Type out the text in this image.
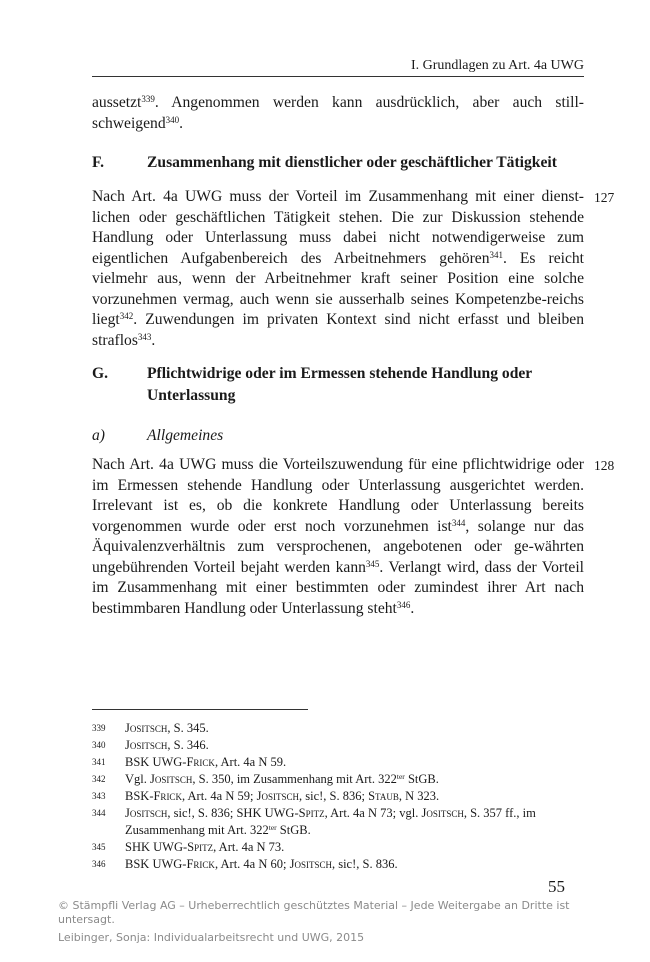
I. Grundlagen zu Art. 4a UWG
aussetzt$^{339}$. Angenommen werden kann ausdrücklich, aber auch still-schweigend$^{340}$.
F.	Zusammenhang mit dienstlicher oder geschäftlicher Tätigkeit
127
Nach Art. 4a UWG muss der Vorteil im Zusammenhang mit einer dienst-lichen oder geschäftlichen Tätigkeit stehen. Die zur Diskussion stehende Handlung oder Unterlassung muss dabei nicht notwendigerweise zum eigentlichen Aufgabenbereich des Arbeitnehmers gehören$^{341}$. Es reicht vielmehr aus, wenn der Arbeitnehmer kraft seiner Position eine solche vorzunehmen vermag, auch wenn sie ausserhalb seines Kompetenzbe-reichs liegt$^{342}$. Zuwendungen im privaten Kontext sind nicht erfasst und bleiben straflos$^{343}$.
G. Pflichtwidrige oder im Ermessen stehende Handlung oder Unterlassung
a)	Allgemeines
128
Nach Art. 4a UWG muss die Vorteilszuwendung für eine pflichtwidrige oder im Ermessen stehende Handlung oder Unterlassung ausgerichtet werden. Irrelevant ist es, ob die konkrete Handlung oder Unterlassung bereits vorgenommen wurde oder erst noch vorzunehmen ist$^{344}$, solange nur das Äquivalenzverhältnis zum versprochenen, angebotenen oder ge-währten ungebührenden Vorteil bejaht werden kann$^{345}$. Verlangt wird, dass der Vorteil im Zusammenhang mit einer bestimmten oder zumindest ihrer Art nach bestimmbaren Handlung oder Unterlassung steht$^{346}$.
339 Jositsch, S. 345.
340 Jositsch, S. 346.
341 BSK UWG-Frick, Art. 4a N 59.
342 Vgl. Jositsch, S. 350, im Zusammenhang mit Art. $322^{ter}$ StGB.
343 BSK-Frick, Art. 4a N 59; Jositsch, sic!, S. 836; Staub, N 323.
344 Jositsch, sic!, S. 836; SHK UWG-Spitz, Art. 4a N 73; vgl. Jositsch, S. 357 ff., im Zusammenhang mit Art. $322^{ter}$ StGB.
345 SHK UWG-Spitz, Art. 4a N 73.
346 BSK UWG-Frick, Art. 4a N 60; Jositsch, sic!, S. 836.
55
© Stämpfli Verlag AG – Urheberrechtlich geschütztes Material – Jede Weitergabe an Dritte ist untersagt.
Leibinger, Sonja: Individualarbeitsrecht und UWG, 2015
